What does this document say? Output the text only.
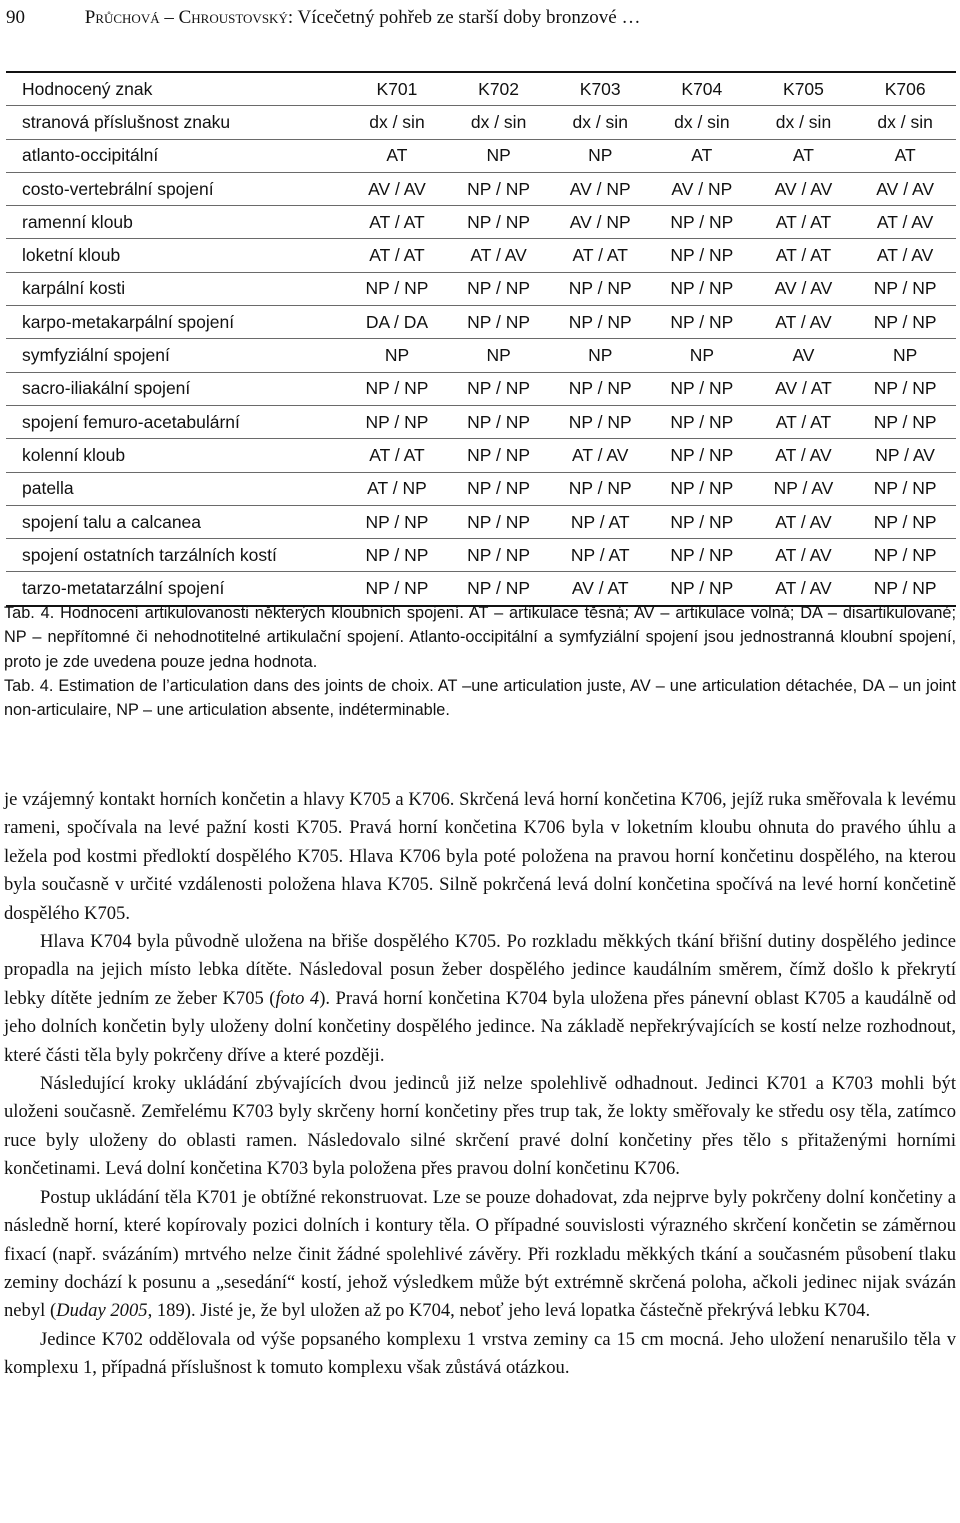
90	Průchová – Chroustovský: Vícečetný pohřeb ze starší doby bronzové …
Hodnocený znak	K701	K702	K703	K704	K705	K706
stranová příslušnost znaku	dx / sin	dx / sin	dx / sin	dx / sin	dx / sin	dx / sin
atlanto-occipitální	AT	NP	NP	AT	AT	AT
costo-vertebrální spojení	AV / AV	NP / NP	AV / NP	AV / NP	AV / AV	AV / AV
ramenní kloub	AT / AT	NP / NP	AV / NP	NP / NP	AT / AT	AT / AV
loketní kloub	AT / AT	AT / AV	AT / AT	NP / NP	AT / AT	AT / AV
karpální kosti	NP / NP	NP / NP	NP / NP	NP / NP	AV / AV	NP / NP
karpo-metakarpální spojení	DA / DA	NP / NP	NP / NP	NP / NP	AT / AV	NP / NP
symfyziální spojení	NP	NP	NP	NP	AV	NP
sacro-iliakální spojení	NP / NP	NP / NP	NP / NP	NP / NP	AV / AT	NP / NP
spojení femuro-acetabulární	NP / NP	NP / NP	NP / NP	NP / NP	AT / AT	NP / NP
kolenní kloub	AT / AT	NP / NP	AT / AV	NP / NP	AT / AV	NP / AV
patella	AT / NP	NP / NP	NP / NP	NP / NP	NP / AV	NP / NP
spojení talu a calcanea	NP / NP	NP / NP	NP / AT	NP / NP	AT / AV	NP / NP
spojení ostatních tarzálních kostí	NP / NP	NP / NP	NP / AT	NP / NP	AT / AV	NP / NP
tarzo-metatarzální spojení	NP / NP	NP / NP	AV / AT	NP / NP	AT / AV	NP / NP

Tab. 4. Hodnocení artikulovanosti některých kloubních spojení. AT – artikulace těsná; AV – artikulace volná; DA – disartikulované; NP – nepřítomné či nehodnotitelné artikulační spojení. Atlanto-occipitální a symfyziální spojení jsou jednostranná kloubní spojení, proto je zde uvedena pouze jedna hodnota.

Tab. 4. Estimation de l’articulation dans des joints de choix. AT –une articulation juste, AV – une articulation détachée, DA – un joint non-articulaire, NP – une articulation absente, indéterminable.

je vzájemný kontakt horních končetin a hlavy K705 a K706. Skrčená levá horní končetina K706, jejíž ruka směřovala k levému rameni, spočívala na levé pažní kosti K705. Pravá horní končetina K706 byla v loketním kloubu ohnuta do pravého úhlu a ležela pod kostmi předloktí dospělého K705. Hlava K706 byla poté položena na pravou horní končetinu dospělého, na kterou byla současně v určité vzdálenosti položena hlava K705. Silně pokrčená levá dolní končetina spočívá na levé horní končetině dospělého K705.

Hlava K704 byla původně uložena na břiše dospělého K705. Po rozkladu měkkých tkání břišní dutiny dospělého jedince propadla na jejich místo lebka dítěte. Následoval posun žeber dospělého jedince kaudálním směrem, čímž došlo k překrytí lebky dítěte jedním ze žeber K705 (foto 4). Pravá horní končetina K704 byla uložena přes pánevní oblast K705 a kaudálně od jeho dolních končetin byly uloženy dolní končetiny dospělého jedince. Na základě nepřekrývajících se kostí nelze rozhodnout, které části těla byly pokrčeny dříve a které později.

Následující kroky ukládání zbývajících dvou jedinců již nelze spolehlivě odhadnout. Jedinci K701 a K703 mohli být uloženi současně. Zemřelému K703 byly skrčeny horní končetiny přes trup tak, že lokty směřovaly ke středu osy těla, zatímco ruce byly uloženy do oblasti ramen. Následovalo silné skrčení pravé dolní končetiny přes tělo s přitaženými horními končetinami. Levá dolní končetina K703 byla položena přes pravou dolní končetinu K706.

Postup ukládání těla K701 je obtížné rekonstruovat. Lze se pouze dohadovat, zda nejprve byly pokrčeny dolní končetiny a následně horní, které kopírovaly pozici dolních i kontury těla. O případné souvislosti výrazného skrčení končetin se záměrnou fixací (např. svázáním) mrtvého nelze činit žádné spolehlivé závěry. Při rozkladu měkkých tkání a současném působení tlaku zeminy dochází k posunu a „sesedání“ kostí, jehož výsledkem může být extrémně skrčená poloha, ačkoli jedinec nijak svázán nebyl (Duday 2005, 189). Jisté je, že byl uložen až po K704, neboť jeho levá lopatka částečně překrývá lebku K704.

Jedince K702 oddělovala od výše popsaného komplexu 1 vrstva zeminy ca 15 cm mocná. Jeho uložení nenarušilo těla v komplexu 1, případná příslušnost k tomuto komplexu však zůstává otázkou.
